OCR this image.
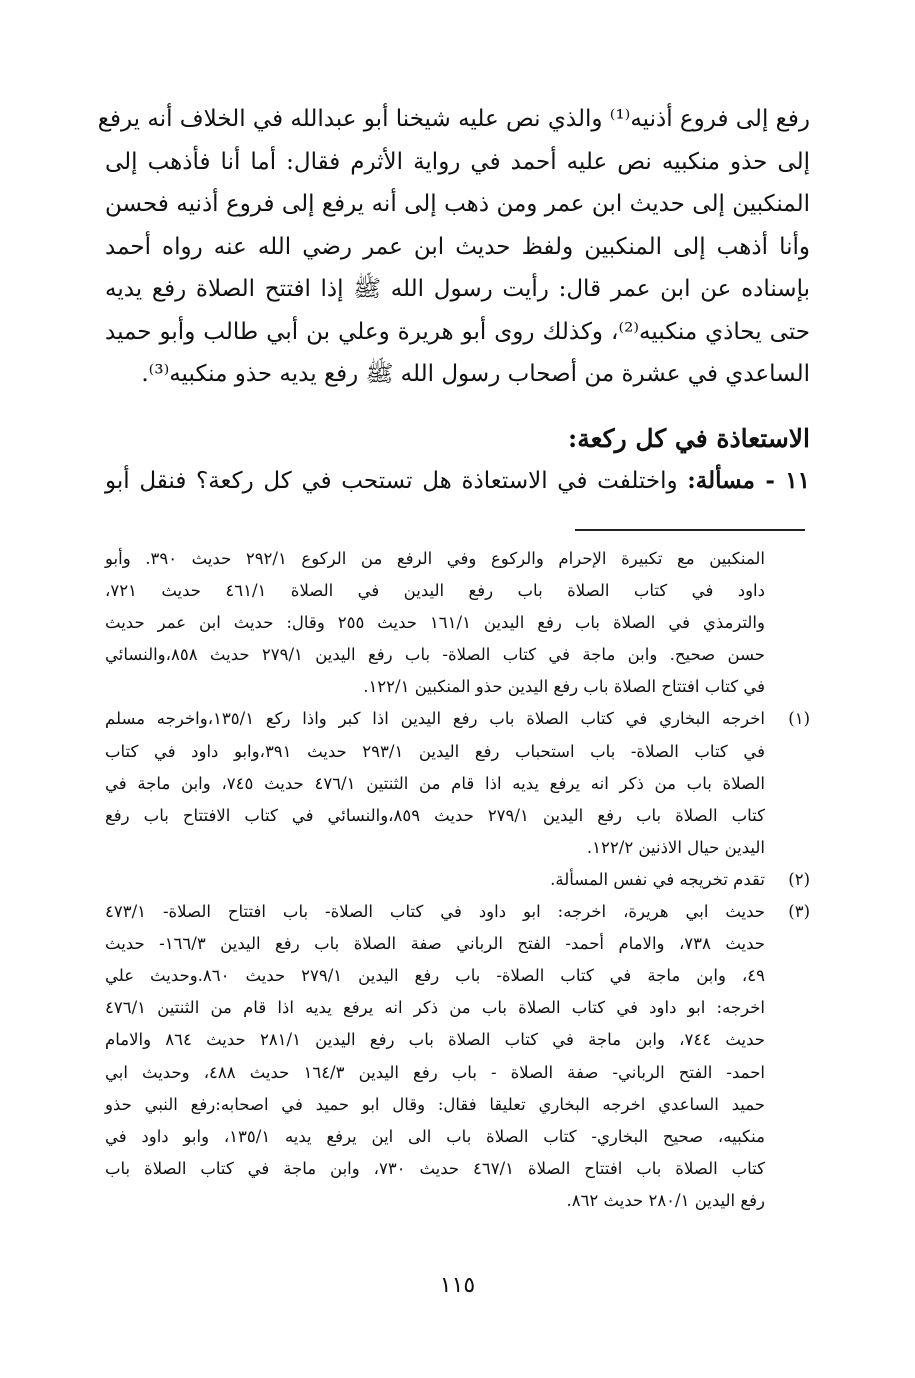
رفع إلى فروع أذنيه⁽¹⁾ والذي نص عليه شيخنا أبو عبدالله في الخلاف أنه يرفع
إلى حذو منكبيه نص عليه أحمد في رواية الأثرم فقال: أما أنا فأذهب إلى
المنكبين إلى حديث ابن عمر ومن ذهب إلى أنه يرفع إلى فروع أذنيه فحسن
وأنا أذهب إلى المنكبين ولفظ حديث ابن عمر رضي الله عنه رواه أحمد
بإسناده عن ابن عمر قال: رأيت رسول الله ﷺ إذا افتتح الصلاة رفع يديه
حتى يحاذي منكبيه⁽²⁾، وكذلك روى أبو هريرة وعلي بن أبي طالب وأبو حميد
الساعدي في عشرة من أصحاب رسول الله ﷺ رفع يديه حذو منكبيه⁽³⁾.
الاستعاذة في كل ركعة:
١١ - مسألة: واختلفت في الاستعاذة هل تستحب في كل ركعة؟ فنقل أبو
المنكبين مع تكبيرة الإحرام والركوع وفي الرفع من الركوع ٢٩٢/١ حديث ٣٩٠. وأبو
داود في كتاب الصلاة باب رفع اليدين في الصلاة ٤٦١/١ حديث ٧٢١،
والترمذي في الصلاة باب رفع اليدين ١٦١/١ حديث ٢٥٥ وقال: حديث ابن عمر حديث
حسن صحيح. وابن ماجة في كتاب الصلاة- باب رفع اليدين ٢٧٩/١ حديث ٨٥٨،والنسائي
في كتاب افتتاح الصلاة باب رفع اليدين حذو المنكبين ١٢٢/١.
(١)
اخرجه البخاري في كتاب الصلاة باب رفع اليدين اذا كبر واذا ركع ١٣٥/١،واخرجه مسلم
في كتاب الصلاة- باب استحباب رفع اليدين ٢٩٣/١ حديث ٣٩١،وابو داود في كتاب
الصلاة باب من ذكر انه يرفع يديه اذا قام من الثنتين ٤٧٦/١ حديث ٧٤٥، وابن ماجة في
كتاب الصلاة باب رفع اليدين ٢٧٩/١ حديث ٨٥٩،والنسائي في كتاب الافتتاح باب رفع
اليدين حيال الاذنين ١٢٢/٢.
(٢)
تقدم تخريجه في نفس المسألة.
(٣)
حديث ابي هريرة، اخرجه: ابو داود في كتاب الصلاة- باب افتتاح الصلاة- ٤٧٣/١
حديث ٧٣٨، والامام أحمد- الفتح الرباني صفة الصلاة باب رفع اليدين ١٦٦/٣- حديث
٤٩، وابن ماجة في كتاب الصلاة- باب رفع اليدين ٢٧٩/١ حديث ٨٦٠.وحديث علي
اخرجه: ابو داود في كتاب الصلاة باب من ذكر انه يرفع يديه اذا قام من الثنتين ٤٧٦/١
حديث ٧٤٤، وابن ماجة في كتاب الصلاة باب رفع اليدين ٢٨١/١ حديث ٨٦٤ والامام
احمد- الفتح الرباني- صفة الصلاة - باب رفع اليدين ١٦٤/٣ حديث ٤٨٨، وحديث ابي
حميد الساعدي اخرجه البخاري تعليقا فقال: وقال ابو حميد في اصحابه:رفع النبي حذو
منكبيه، صحيح البخاري- كتاب الصلاة باب الى اين يرفع يديه ١٣٥/١، وابو داود في
كتاب الصلاة باب افتتاح الصلاة ٤٦٧/١ حديث ٧٣٠، وابن ماجة في كتاب الصلاة باب
رفع اليدين ٢٨٠/١ حديث ٨٦٢.
١١٥
